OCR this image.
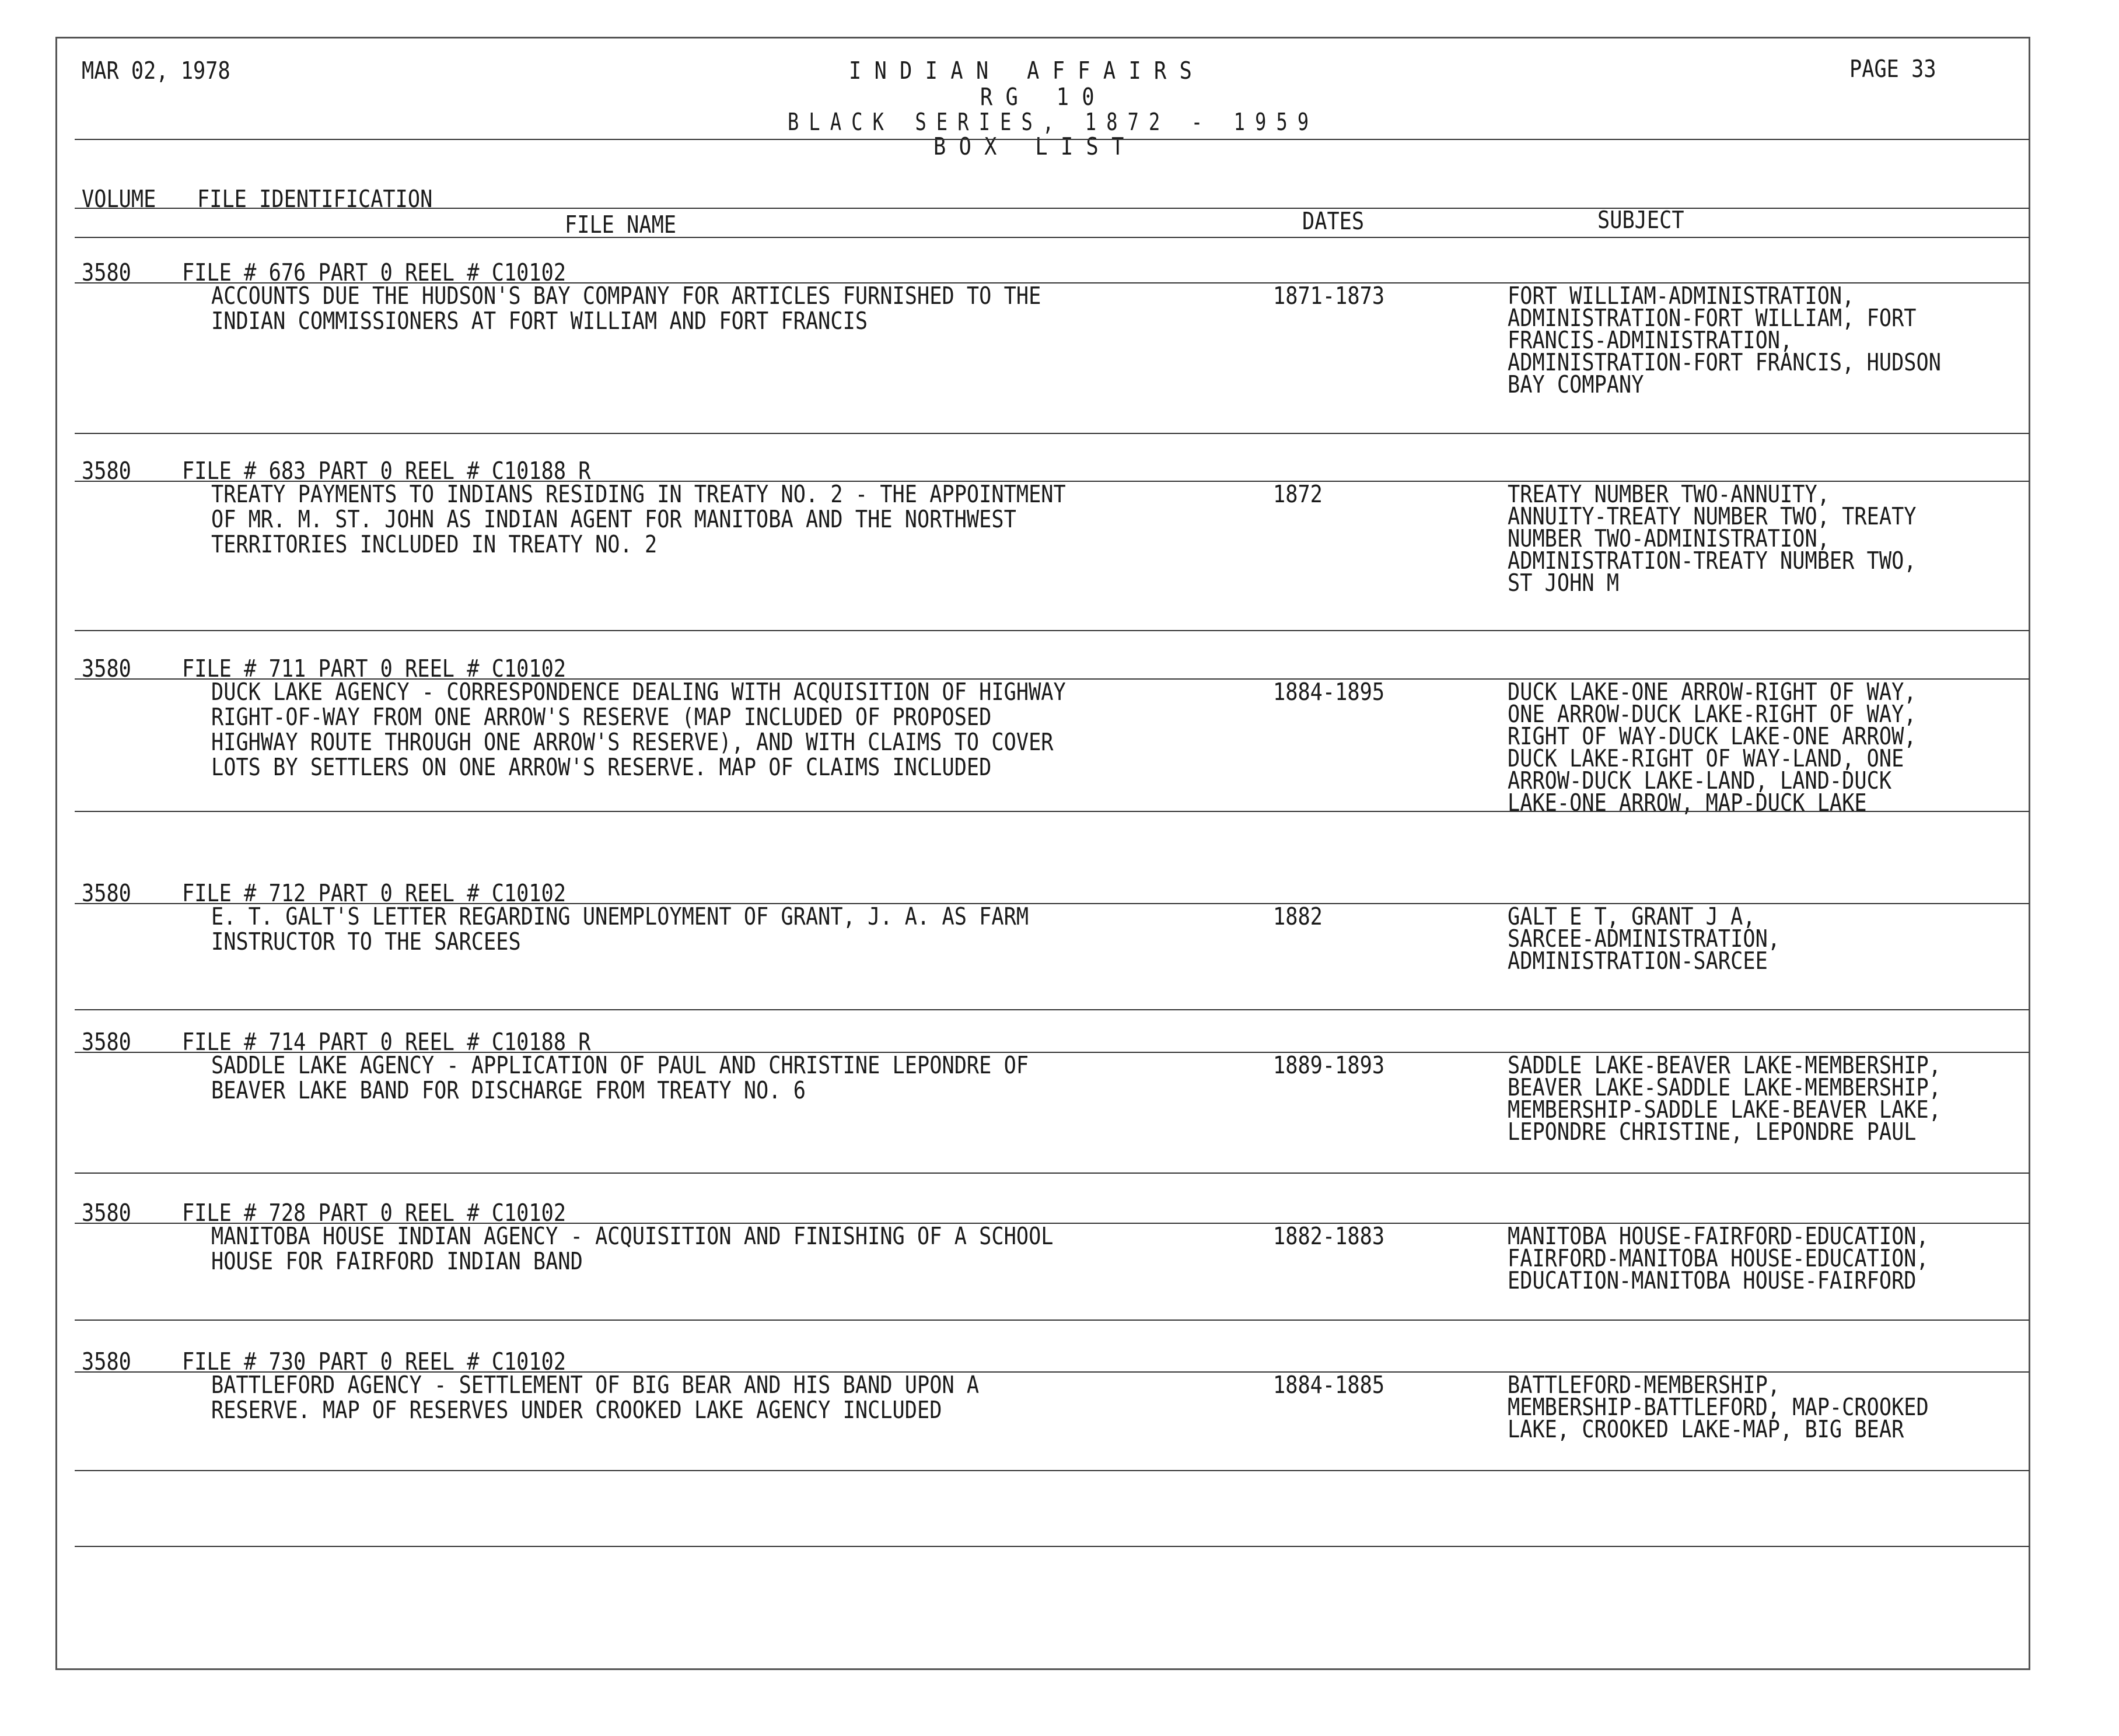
MAR 02, 1978	INDIAN AFFAIRS
RG 10
BLACK SERIES, 1872 - 1959
BOX LIST
PAGE 33
VOLUME FILE IDENTIFICATION
FILE NAME	DATES	SUBJECT
3580 FILE # 676 PART 0 REEL # C10102
ACCOUNTS DUE THE HUDSON'S BAY COMPANY FOR ARTICLES FURNISHED TO THE
INDIAN COMMISSIONERS AT FORT WILLIAM AND FORT FRANCIS
1871-1873	FORT WILLIAM-ADMINISTRATION,
ADMINISTRATION-FORT WILLIAM, FORT
FRANCIS-ADMINISTRATION,
ADMINISTRATION-FORT FRANCIS, HUDSON
BAY COMPANY
3580 FILE # 683 PART 0 REEL # C10188 R
TREATY PAYMENTS TO INDIANS RESIDING IN TREATY NO. 2 - THE APPOINTMENT
OF MR. M. ST. JOHN AS INDIAN AGENT FOR MANITOBA AND THE NORTHWEST
TERRITORIES INCLUDED IN TREATY NO. 2
1872	TREATY NUMBER TWO-ANNUITY,
ANNUITY-TREATY NUMBER TWO, TREATY
NUMBER TWO-ADMINISTRATION,
ADMINISTRATION-TREATY NUMBER TWO,
ST JOHN M
3580 FILE # 711 PART 0 REEL # C10102
DUCK LAKE AGENCY - CORRESPONDENCE DEALING WITH ACQUISITION OF HIGHWAY
RIGHT-OF-WAY FROM ONE ARROW'S RESERVE (MAP INCLUDED OF PROPOSED
HIGHWAY ROUTE THROUGH ONE ARROW'S RESERVE), AND WITH CLAIMS TO COVER
LOTS BY SETTLERS ON ONE ARROW'S RESERVE. MAP OF CLAIMS INCLUDED
1884-1895	DUCK LAKE-ONE ARROW-RIGHT OF WAY,
ONE ARROW-DUCK LAKE-RIGHT OF WAY,
RIGHT OF WAY-DUCK LAKE-ONE ARROW,
DUCK LAKE-RIGHT OF WAY-LAND, ONE
ARROW-DUCK LAKE-LAND, LAND-DUCK
LAKE-ONE ARROW, MAP-DUCK LAKE
3580 FILE # 712 PART 0 REEL # C10102
E. T. GALT'S LETTER REGARDING UNEMPLOYMENT OF GRANT, J. A. AS FARM
INSTRUCTOR TO THE SARCEES
1882	GALT E T, GRANT J A,
SARCEE-ADMINISTRATION,
ADMINISTRATION-SARCEE
3580 FILE # 714 PART 0 REEL # C10188 R
SADDLE LAKE AGENCY - APPLICATION OF PAUL AND CHRISTINE LEPONDRE OF
BEAVER LAKE BAND FOR DISCHARGE FROM TREATY NO. 6
1889-1893	SADDLE LAKE-BEAVER LAKE-MEMBERSHIP,
BEAVER LAKE-SADDLE LAKE-MEMBERSHIP,
MEMBERSHIP-SADDLE LAKE-BEAVER LAKE,
LEPONDRE CHRISTINE, LEPONDRE PAUL
3580 FILE # 728 PART 0 REEL # C10102
MANITOBA HOUSE INDIAN AGENCY - ACQUISITION AND FINISHING OF A SCHOOL
HOUSE FOR FAIRFORD INDIAN BAND
1882-1883	MANITOBA HOUSE-FAIRFORD-EDUCATION,
FAIRFORD-MANITOBA HOUSE-EDUCATION,
EDUCATION-MANITOBA HOUSE-FAIRFORD
3580 FILE # 730 PART 0 REEL # C10102
BATTLEFORD AGENCY - SETTLEMENT OF BIG BEAR AND HIS BAND UPON A
RESERVE. MAP OF RESERVES UNDER CROOKED LAKE AGENCY INCLUDED
1884-1885	BATTLEFORD-MEMBERSHIP,
MEMBERSHIP-BATTLEFORD, MAP-CROOKED
LAKE, CROOKED LAKE-MAP, BIG BEAR
